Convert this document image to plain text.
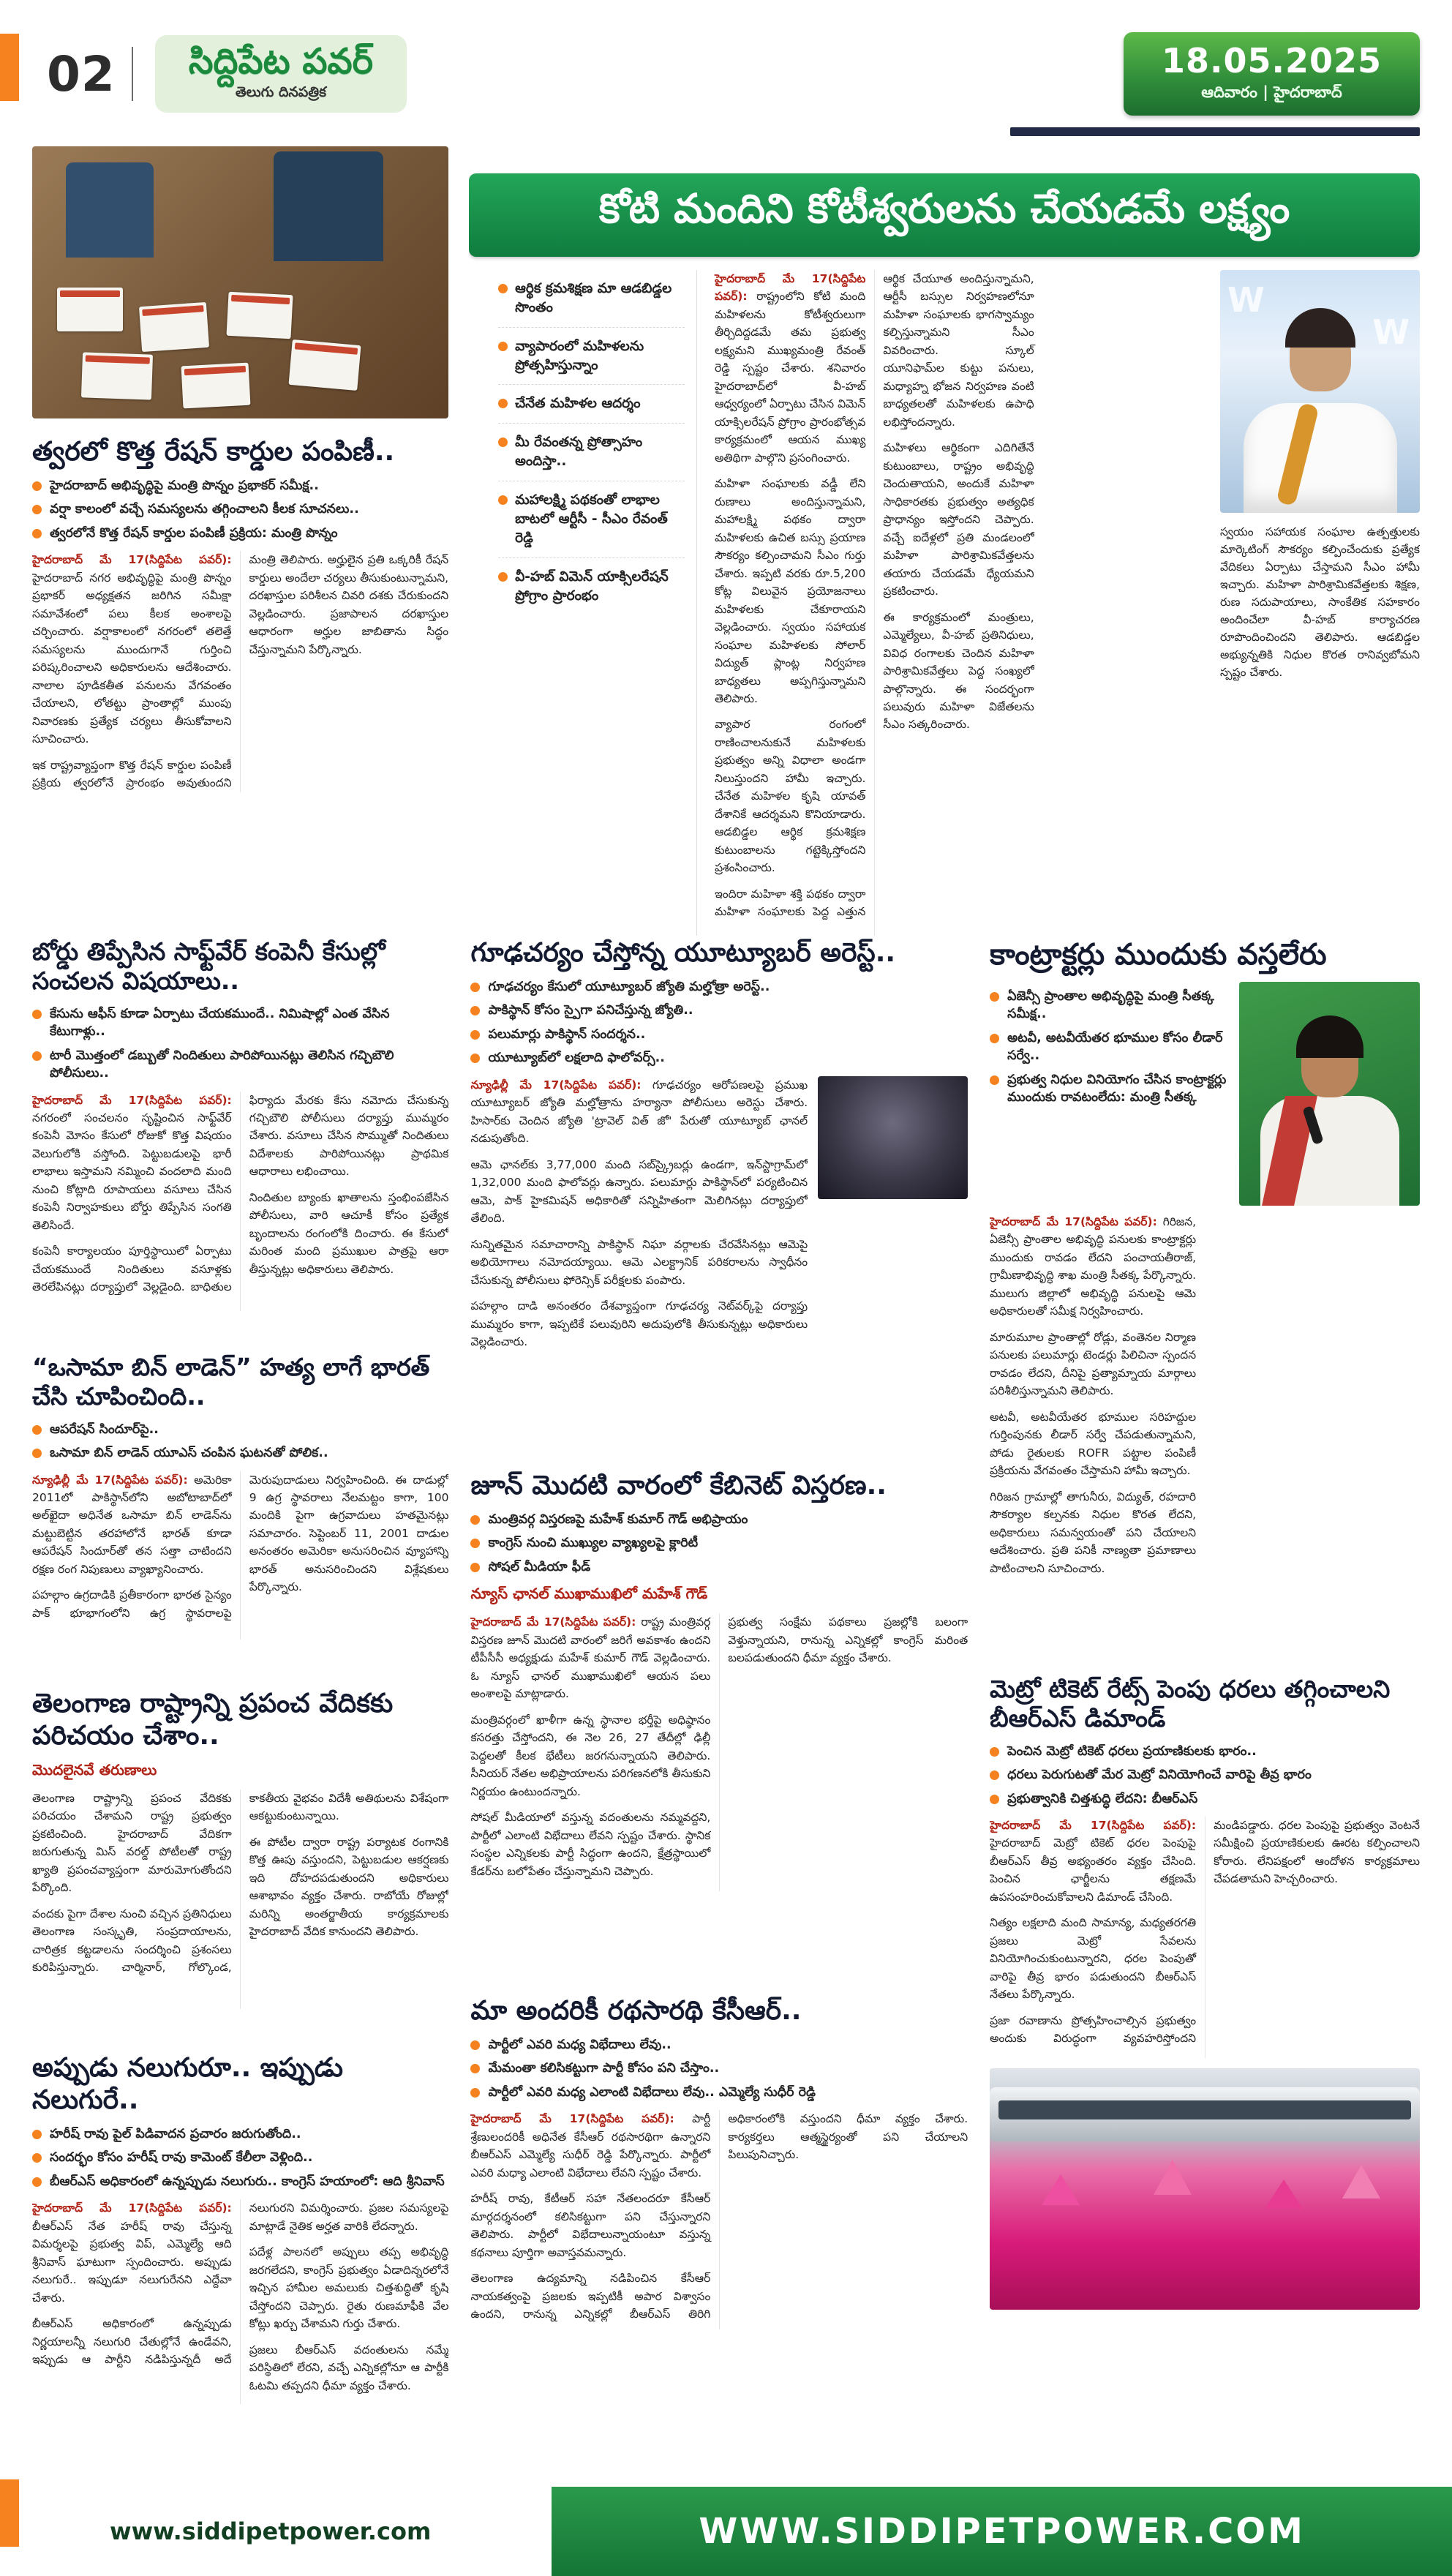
02 సిద్దిపేట పవర్
తెలుగు దినపత్రిక
18.05.2025
ఆదివారం | హైదరాబాద్
త్వరలో కొత్త రేషన్ కార్డుల పంపిణీ..
హైదరాబాద్ అభివృద్ధిపై మంత్రి పొన్నం ప్రభాకర్ సమీక్ష..
వర్షా కాలంలో వచ్చే సమస్యలను తగ్గించాలని కీలక సూచనలు..
త్వరలోనే కొత్త రేషన్ కార్డుల పంపిణీ ప్రక్రియ: మంత్రి పొన్నం

హైదరాబాద్ మే 17(సిద్దిపేట పవర్): హైదరాబాద్ నగర అభివృద్ధిపై మంత్రి పొన్నం ప్రభాకర్ అధ్యక్షతన జరిగిన సమీక్షా సమావేశంలో పలు కీలక అంశాలపై చర్చించారు. వర్షాకాలంలో నగరంలో తలెత్తే సమస్యలను ముందుగానే గుర్తించి పరిష్కరించాలని అధికారులను ఆదేశించారు. నాలాల పూడికతీత పనులను వేగవంతం చేయాలని, లోతట్టు ప్రాంతాల్లో ముంపు నివారణకు ప్రత్యేక చర్యలు తీసుకోవాలని సూచించారు.

ఇక రాష్ట్రవ్యాప్తంగా కొత్త రేషన్ కార్డుల పంపిణీ ప్రక్రియ త్వరలోనే ప్రారంభం అవుతుందని మంత్రి తెలిపారు. అర్హులైన ప్రతి ఒక్కరికీ రేషన్ కార్డులు అందేలా చర్యలు తీసుకుంటున్నామని, దరఖాస్తుల పరిశీలన చివరి దశకు చేరుకుందని వెల్లడించారు. ప్రజాపాలన దరఖాస్తుల ఆధారంగా అర్హుల జాబితాను సిద్ధం చేస్తున్నామని పేర్కొన్నారు.

కోటి మందిని కోటీశ్వరులను చేయడమే లక్ష్యం
ఆర్థిక క్రమశిక్షణ మా ఆడబిడ్డల సొంతం
వ్యాపారంలో మహిళలను ప్రోత్సహిస్తున్నాం
చేనేత మహిళల ఆదర్శం
మీ రేవంతన్న ప్రోత్సాహం అందిస్తా..
మహాలక్ష్మి పథకంతో లాభాల బాటలో ఆర్టీసీ - సీఎం రేవంత్ రెడ్డి
వీ-హబ్ విమెన్ యాక్సిలరేషన్ ప్రోగ్రాం ప్రారంభం

హైదరాబాద్ మే 17(సిద్దిపేట పవర్): రాష్ట్రంలోని కోటి మంది మహిళలను కోటీశ్వరులుగా తీర్చిదిద్దడమే తమ ప్రభుత్వ లక్ష్యమని ముఖ్యమంత్రి రేవంత్ రెడ్డి స్పష్టం చేశారు. శనివారం హైదరాబాద్‌లో వీ-హబ్ ఆధ్వర్యంలో ఏర్పాటు చేసిన విమెన్ యాక్సిలరేషన్ ప్రోగ్రాం ప్రారంభోత్సవ కార్యక్రమంలో ఆయన ముఖ్య అతిథిగా పాల్గొని ప్రసంగించారు.

మహిళా సంఘాలకు వడ్డీ లేని రుణాలు అందిస్తున్నామని, మహాలక్ష్మి పథకం ద్వారా మహిళలకు ఉచిత బస్సు ప్రయాణ సౌకర్యం కల్పించామని సీఎం గుర్తు చేశారు. ఇప్పటి వరకు రూ.5,200 కోట్ల విలువైన ప్రయోజనాలు మహిళలకు చేకూరాయని వెల్లడించారు. స్వయం సహాయక సంఘాల మహిళలకు సోలార్ విద్యుత్ ప్లాంట్ల నిర్వహణ బాధ్యతలు అప్పగిస్తున్నామని తెలిపారు.

వ్యాపార రంగంలో రాణించాలనుకునే మహిళలకు ప్రభుత్వం అన్ని విధాలా అండగా నిలుస్తుందని హామీ ఇచ్చారు. చేనేత మహిళల కృషి యావత్ దేశానికే ఆదర్శమని కొనియాడారు. ఆడబిడ్డల ఆర్థిక క్రమశిక్షణ కుటుంబాలను గట్టెక్కిస్తోందని ప్రశంసించారు.

ఇందిరా మహిళా శక్తి పథకం ద్వారా మహిళా సంఘాలకు పెద్ద ఎత్తున ఆర్థిక చేయూత అందిస్తున్నామని, ఆర్టీసీ బస్సుల నిర్వహణలోనూ మహిళా సంఘాలకు భాగస్వామ్యం కల్పిస్తున్నామని సీఎం వివరించారు. స్కూల్ యూనిఫామ్‌ల కుట్టు పనులు, మధ్యాహ్న భోజన నిర్వహణ వంటి బాధ్యతలతో మహిళలకు ఉపాధి లభిస్తోందన్నారు.

మహిళలు ఆర్థికంగా ఎదిగితేనే కుటుంబాలు, రాష్ట్రం అభివృద్ధి చెందుతాయని, అందుకే మహిళా సాధికారతకు ప్రభుత్వం అత్యధిక ప్రాధాన్యం ఇస్తోందని చెప్పారు. వచ్చే ఐదేళ్లలో ప్రతి మండలంలో మహిళా పారిశ్రామికవేత్తలను తయారు చేయడమే ధ్యేయమని ప్రకటించారు.

ఈ కార్యక్రమంలో మంత్రులు, ఎమ్మెల్యేలు, వీ-హబ్ ప్రతినిధులు, వివిధ రంగాలకు చెందిన మహిళా పారిశ్రామికవేత్తలు పెద్ద సంఖ్యలో పాల్గొన్నారు. ఈ సందర్భంగా పలువురు మహిళా విజేతలను సీఎం సత్కరించారు.

W
W
స్వయం సహాయక సంఘాల ఉత్పత్తులకు మార్కెటింగ్ సౌకర్యం కల్పించేందుకు ప్రత్యేక వేదికలు ఏర్పాటు చేస్తామని సీఎం హామీ ఇచ్చారు. మహిళా పారిశ్రామికవేత్తలకు శిక్షణ, రుణ సదుపాయాలు, సాంకేతిక సహకారం అందించేలా వీ-హబ్ కార్యాచరణ రూపొందించిందని తెలిపారు. ఆడబిడ్డల అభ్యున్నతికి నిధుల కొరత రానివ్వబోమని స్పష్టం చేశారు.
బోర్డు తిప్పేసిన సాఫ్ట్‌వేర్ కంపెనీ కేసుల్లో సంచలన విషయాలు..
కేసును ఆఫీస్ కూడా ఏర్పాటు చేయకముందే.. నిమిషాల్లో ఎంత వేసిన కేటుగాళ్లు..
టారీ మొత్తంలో డబ్బుతో నిందితులు పారిపోయినట్లు తెలిసిన గచ్చిబౌలి పోలీసులు..

హైదరాబాద్ మే 17(సిద్దిపేట పవర్): నగరంలో సంచలనం సృష్టించిన సాఫ్ట్‌వేర్ కంపెనీ మోసం కేసులో రోజుకో కొత్త విషయం వెలుగులోకి వస్తోంది. పెట్టుబడులపై భారీ లాభాలు ఇస్తామని నమ్మించి వందలాది మంది నుంచి కోట్లాది రూపాయలు వసూలు చేసిన కంపెనీ నిర్వాహకులు బోర్డు తిప్పేసిన సంగతి తెలిసిందే.

కంపెనీ కార్యాలయం పూర్తిస్థాయిలో ఏర్పాటు చేయకముందే నిందితులు వసూళ్లకు తెరలేపినట్లు దర్యాప్తులో వెల్లడైంది. బాధితుల ఫిర్యాదు మేరకు కేసు నమోదు చేసుకున్న గచ్చిబౌలి పోలీసులు దర్యాప్తు ముమ్మరం చేశారు. వసూలు చేసిన సొమ్ముతో నిందితులు విదేశాలకు పారిపోయినట్లు ప్రాథమిక ఆధారాలు లభించాయి.

నిందితుల బ్యాంకు ఖాతాలను స్తంభింపజేసిన పోలీసులు, వారి ఆచూకీ కోసం ప్రత్యేక బృందాలను రంగంలోకి దించారు. ఈ కేసులో మరింత మంది ప్రముఖుల పాత్రపై ఆరా తీస్తున్నట్లు అధికారులు తెలిపారు.

“ఒసామా బిన్ లాడెన్” హత్య లాగే భారత్ చేసి చూపించింది..
ఆపరేషన్ సిందూర్‌పై..
ఒసామా బిన్ లాడెన్ యూఎస్ చంపిన ఘటనతో పోలిక..

న్యూఢిల్లీ మే 17(సిద్దిపేట పవర్): అమెరికా 2011లో పాకిస్థాన్‌లోని అబోటాబాద్‌లో అల్‌ఖైదా అధినేత ఒసామా బిన్ లాడెన్‌ను మట్టుబెట్టిన తరహాలోనే భారత్ కూడా ఆపరేషన్ సిందూర్‌తో తన సత్తా చాటిందని రక్షణ రంగ నిపుణులు వ్యాఖ్యానించారు.

పహల్గాం ఉగ్రదాడికి ప్రతీకారంగా భారత సైన్యం పాక్ భూభాగంలోని ఉగ్ర స్థావరాలపై మెరుపుదాడులు నిర్వహించింది. ఈ దాడుల్లో 9 ఉగ్ర స్థావరాలు నేలమట్టం కాగా, 100 మందికి పైగా ఉగ్రవాదులు హతమైనట్లు సమాచారం. సెప్టెంబర్ 11, 2001 దాడుల అనంతరం అమెరికా అనుసరించిన వ్యూహాన్ని భారత్ అనుసరించిందని విశ్లేషకులు పేర్కొన్నారు.

తెలంగాణ రాష్ట్రాన్ని ప్రపంచ వేదికకు పరిచయం చేశాం..
మొదలైనవే తరుణాలు

తెలంగాణ రాష్ట్రాన్ని ప్రపంచ వేదికకు పరిచయం చేశామని రాష్ట్ర ప్రభుత్వం ప్రకటించింది. హైదరాబాద్ వేదికగా జరుగుతున్న మిస్ వరల్డ్ పోటీలతో రాష్ట్ర ఖ్యాతి ప్రపంచవ్యాప్తంగా మారుమోగుతోందని పేర్కొంది.

వందకు పైగా దేశాల నుంచి వచ్చిన ప్రతినిధులు తెలంగాణ సంస్కృతి, సంప్రదాయాలను, చారిత్రక కట్టడాలను సందర్శించి ప్రశంసలు కురిపిస్తున్నారు. చార్మినార్, గోల్కొండ, కాకతీయ వైభవం విదేశీ అతిథులను విశేషంగా ఆకట్టుకుంటున్నాయి.

ఈ పోటీల ద్వారా రాష్ట్ర పర్యాటక రంగానికి కొత్త ఊపు వస్తుందని, పెట్టుబడుల ఆకర్షణకు ఇది దోహదపడుతుందని అధికారులు ఆశాభావం వ్యక్తం చేశారు. రాబోయే రోజుల్లో మరిన్ని అంతర్జాతీయ కార్యక్రమాలకు హైదరాబాద్ వేదిక కానుందని తెలిపారు.

అప్పుడు నలుగురూ.. ఇప్పుడు నలుగురే..
హరీష్ రావు పైల్ పిడివాదన ప్రచారం జరుగుతోంది..
సందర్భం కోసం హరీష్ రావు కామెంట్ కేలీలా వెళ్లింది..
బీఆర్ఎస్ అధికారంలో ఉన్నప్పుడు నలుగురు.. కాంగ్రెస్ హయాంలో: ఆది శ్రీనివాస్

హైదరాబాద్ మే 17(సిద్దిపేట పవర్): బీఆర్ఎస్ నేత హరీష్ రావు చేస్తున్న విమర్శలపై ప్రభుత్వ విప్, ఎమ్మెల్యే ఆది శ్రీనివాస్ ఘాటుగా స్పందించారు. అప్పుడు నలుగురే.. ఇప్పుడూ నలుగురేనని ఎద్దేవా చేశారు.

బీఆర్ఎస్ అధికారంలో ఉన్నప్పుడు నిర్ణయాలన్నీ నలుగురి చేతుల్లోనే ఉండేవని, ఇప్పుడు ఆ పార్టీని నడిపిస్తున్నదీ అదే నలుగురని విమర్శించారు. ప్రజల సమస్యలపై మాట్లాడే నైతిక అర్హత వారికి లేదన్నారు.

పదేళ్ల పాలనలో అప్పులు తప్ప అభివృద్ధి జరగలేదని, కాంగ్రెస్ ప్రభుత్వం ఏడాదిన్నరలోనే ఇచ్చిన హామీల అమలుకు చిత్తశుద్ధితో కృషి చేస్తోందని చెప్పారు. రైతు రుణమాఫీకి వేల కోట్లు ఖర్చు చేశామని గుర్తు చేశారు.

ప్రజలు బీఆర్ఎస్ వదంతులను నమ్మే పరిస్థితిలో లేరని, వచ్చే ఎన్నికల్లోనూ ఆ పార్టీకి ఓటమి తప్పదని ధీమా వ్యక్తం చేశారు.

గూఢచర్యం చేస్తోన్న యూట్యూబర్ అరెస్ట్..
గూఢచర్యం కేసులో యూట్యూబర్ జ్యోతి మల్హోత్రా అరెస్ట్..
పాకిస్థాన్ కోసం స్పైగా పనిచేస్తున్న జ్యోతి..
పలుమార్లు పాకిస్థాన్ సందర్శన..
యూట్యూబ్‌లో లక్షలాది ఫాలోవర్స్..

న్యూఢిల్లీ మే 17(సిద్దిపేట పవర్): గూఢచర్యం ఆరోపణలపై ప్రముఖ యూట్యూబర్ జ్యోతి మల్హోత్రాను హర్యానా పోలీసులు అరెస్టు చేశారు. హిసార్‌కు చెందిన జ్యోతి 'ట్రావెల్ విత్ జో' పేరుతో యూట్యూబ్ ఛానల్ నడుపుతోంది.

ఆమె ఛానల్‌కు 3,77,000 మంది సబ్‌స్క్రైబర్లు ఉండగా, ఇన్‌స్టాగ్రామ్‌లో 1,32,000 మంది ఫాలోవర్లు ఉన్నారు. పలుమార్లు పాకిస్థాన్‌లో పర్యటించిన ఆమె, పాక్ హైకమిషన్ అధికారితో సన్నిహితంగా మెలిగినట్లు దర్యాప్తులో తేలింది.

సున్నితమైన సమాచారాన్ని పాకిస్థాన్ నిఘా వర్గాలకు చేరవేసినట్లు ఆమెపై అభియోగాలు నమోదయ్యాయి. ఆమె ఎలక్ట్రానిక్ పరికరాలను స్వాధీనం చేసుకున్న పోలీసులు ఫోరెన్సిక్ పరీక్షలకు పంపారు.

పహల్గాం దాడి అనంతరం దేశవ్యాప్తంగా గూఢచర్య నెట్‌వర్క్‌పై దర్యాప్తు ముమ్మరం కాగా, ఇప్పటికే పలువురిని అదుపులోకి తీసుకున్నట్లు అధికారులు వెల్లడించారు.

జూన్ మొదటి వారంలో కేబినెట్ విస్తరణ..
మంత్రివర్గ విస్తరణపై మహేశ్ కుమార్ గౌడ్ అభిప్రాయం
కాంగ్రెస్ నుంచి ముఖ్యుల వ్యాఖ్యలపై క్లారిటీ
సోషల్ మీడియా ఫీడ్
న్యూస్ ఛానల్ ముఖాముఖిలో మహేశ్ గౌడ్

హైదరాబాద్ మే 17(సిద్దిపేట పవర్): రాష్ట్ర మంత్రివర్గ విస్తరణ జూన్ మొదటి వారంలో జరిగే అవకాశం ఉందని టీపీసీసీ అధ్యక్షుడు మహేశ్ కుమార్ గౌడ్ వెల్లడించారు. ఓ న్యూస్ ఛానల్ ముఖాముఖిలో ఆయన పలు అంశాలపై మాట్లాడారు.

మంత్రివర్గంలో ఖాళీగా ఉన్న స్థానాల భర్తీపై అధిష్ఠానం కసరత్తు చేస్తోందని, ఈ నెల 26, 27 తేదీల్లో ఢిల్లీ పెద్దలతో కీలక భేటీలు జరగనున్నాయని తెలిపారు. సీనియర్ నేతల అభిప్రాయాలను పరిగణనలోకి తీసుకుని నిర్ణయం ఉంటుందన్నారు.

సోషల్ మీడియాలో వస్తున్న వదంతులను నమ్మవద్దని, పార్టీలో ఎలాంటి విభేదాలు లేవని స్పష్టం చేశారు. స్థానిక సంస్థల ఎన్నికలకు పార్టీ సిద్ధంగా ఉందని, క్షేత్రస్థాయిలో కేడర్‌ను బలోపేతం చేస్తున్నామని చెప్పారు.

ప్రభుత్వ సంక్షేమ పథకాలు ప్రజల్లోకి బలంగా వెళ్తున్నాయని, రానున్న ఎన్నికల్లో కాంగ్రెస్ మరింత బలపడుతుందని ధీమా వ్యక్తం చేశారు.

మా అందరికీ రథసారథి కేసీఆర్..
పార్టీలో ఎవరి మధ్య విభేదాలు లేవు..
మేమంతా కలిసికట్టుగా పార్టీ కోసం పని చేస్తాం..
పార్టీలో ఎవరి మధ్య ఎలాంటి విభేదాలు లేవు.. ఎమ్మెల్యే సుధీర్ రెడ్డి

హైదరాబాద్ మే 17(సిద్దిపేట పవర్): పార్టీ శ్రేణులందరికీ అధినేత కేసీఆర్ రథసారథిగా ఉన్నారని బీఆర్ఎస్ ఎమ్మెల్యే సుధీర్ రెడ్డి పేర్కొన్నారు. పార్టీలో ఎవరి మధ్యా ఎలాంటి విభేదాలు లేవని స్పష్టం చేశారు.

హరీష్ రావు, కేటీఆర్ సహా నేతలందరూ కేసీఆర్ మార్గదర్శనంలో కలిసికట్టుగా పని చేస్తున్నారని తెలిపారు. పార్టీలో విభేదాలున్నాయంటూ వస్తున్న కథనాలు పూర్తిగా అవాస్తవమన్నారు.

తెలంగాణ ఉద్యమాన్ని నడిపించిన కేసీఆర్ నాయకత్వంపై ప్రజలకు ఇప్పటికీ అపార విశ్వాసం ఉందని, రానున్న ఎన్నికల్లో బీఆర్ఎస్ తిరిగి అధికారంలోకి వస్తుందని ధీమా వ్యక్తం చేశారు. కార్యకర్తలు ఆత్మస్థైర్యంతో పని చేయాలని పిలుపునిచ్చారు.

కాంట్రాక్టర్లు ముందుకు వస్తలేరు
ఏజెన్సీ ప్రాంతాల అభివృద్ధిపై మంత్రి సీతక్క సమీక్ష..
అటవీ, అటవీయేతర భూముల కోసం లీడార్ సర్వే..
ప్రభుత్వ నిధుల వినియోగం చేసిన కాంట్రాక్టర్లు ముందుకు రావటంలేదు: మంత్రి సీతక్క

హైదరాబాద్ మే 17(సిద్దిపేట పవర్): గిరిజన, ఏజెన్సీ ప్రాంతాల అభివృద్ధి పనులకు కాంట్రాక్టర్లు ముందుకు రావడం లేదని పంచాయతీరాజ్, గ్రామీణాభివృద్ధి శాఖ మంత్రి సీతక్క పేర్కొన్నారు. ములుగు జిల్లాలో అభివృద్ధి పనులపై ఆమె అధికారులతో సమీక్ష నిర్వహించారు.

మారుమూల ప్రాంతాల్లో రోడ్లు, వంతెనల నిర్మాణ పనులకు పలుమార్లు టెండర్లు పిలిచినా స్పందన రావడం లేదని, దీనిపై ప్రత్యామ్నాయ మార్గాలు పరిశీలిస్తున్నామని తెలిపారు.

అటవీ, అటవీయేతర భూముల సరిహద్దుల గుర్తింపునకు లీడార్ సర్వే చేపడుతున్నామని, పోడు రైతులకు ROFR పట్టాల పంపిణీ ప్రక్రియను వేగవంతం చేస్తామని హామీ ఇచ్చారు.

గిరిజన గ్రామాల్లో తాగునీరు, విద్యుత్, రహదారి సౌకర్యాల కల్పనకు నిధుల కొరత లేదని, అధికారులు సమన్వయంతో పని చేయాలని ఆదేశించారు. ప్రతి పనికీ నాణ్యతా ప్రమాణాలు పాటించాలని సూచించారు.

మెట్రో టికెట్ రేట్స్ పెంపు ధరలు తగ్గించాలని బీఆర్ఎస్ డిమాండ్
పెంచిన మెట్రో టికెట్ ధరలు ప్రయాణికులకు భారం..
ధరలు పెరుగుటతో మేర మెట్రో వినియోగించే వారిపై తీవ్ర భారం
ప్రభుత్వానికి చిత్తశుద్ధి లేదని: బీఆర్ఎస్

హైదరాబాద్ మే 17(సిద్దిపేట పవర్): హైదరాబాద్ మెట్రో టికెట్ ధరల పెంపుపై బీఆర్ఎస్ తీవ్ర అభ్యంతరం వ్యక్తం చేసింది. పెంచిన ఛార్జీలను తక్షణమే ఉపసంహరించుకోవాలని డిమాండ్ చేసింది.

నిత్యం లక్షలాది మంది సామాన్య, మధ్యతరగతి ప్రజలు మెట్రో సేవలను వినియోగించుకుంటున్నారని, ధరల పెంపుతో వారిపై తీవ్ర భారం పడుతుందని బీఆర్ఎస్ నేతలు పేర్కొన్నారు.

ప్రజా రవాణాను ప్రోత్సహించాల్సిన ప్రభుత్వం అందుకు విరుద్ధంగా వ్యవహరిస్తోందని మండిపడ్డారు. ధరల పెంపుపై ప్రభుత్వం వెంటనే సమీక్షించి ప్రయాణికులకు ఊరట కల్పించాలని కోరారు. లేనిపక్షంలో ఆందోళన కార్యక్రమాలు చేపడతామని హెచ్చరించారు.

www.siddipetpower.com	WWW.SIDDIPETPOWER.COM
